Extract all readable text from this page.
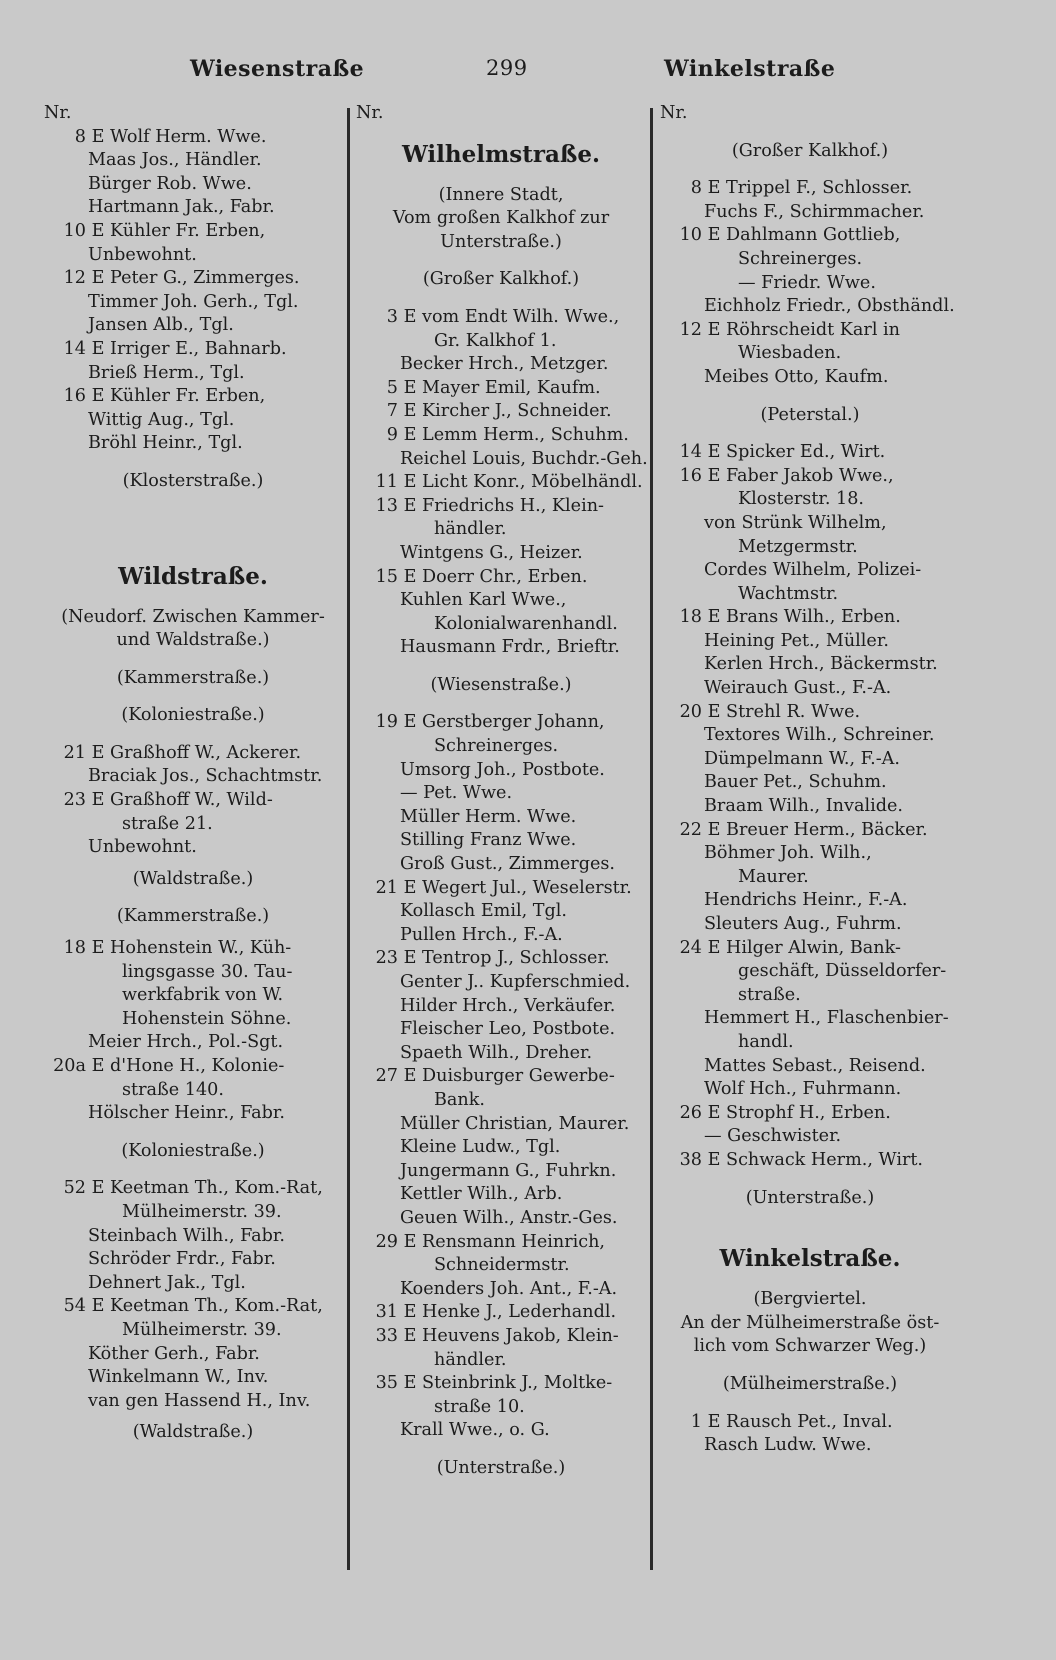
Wiesenstraße	299	Winkelstraße
Nr.
8 E Wolf Herm. Wwe.
Maas Jos., Händler.
Bürger Rob. Wwe.
Hartmann Jak., Fabr.
10 E Kühler Fr. Erben,
Unbewohnt.
12 E Peter G., Zimmerges.
Timmer Joh. Gerh., Tgl.
Jansen Alb., Tgl.
14 E Irriger E., Bahnarb.
Brieß Herm., Tgl.
16 E Kühler Fr. Erben,
Wittig Aug., Tgl.
Bröhl Heinr., Tgl.
(Klosterstraße.)
Wildstraße.
(Neudorf. Zwischen Kammer-
und Waldstraße.)
(Kammerstraße.)
(Koloniestraße.)
21 E Graßhoff W., Ackerer.
Braciak Jos., Schachtmstr.
23 E Graßhoff W., Wild-
straße 21.
Unbewohnt.
(Waldstraße.)
(Kammerstraße.)
18 E Hohenstein W., Küh-
lingsgasse 30. Tau-
werkfabrik von W.
Hohenstein Söhne.
Meier Hrch., Pol.-Sgt.
20a E d'Hone H., Kolonie-
straße 140.
Hölscher Heinr., Fabr.
(Koloniestraße.)
52 E Keetman Th., Kom.-Rat,
Mülheimerstr. 39.
Steinbach Wilh., Fabr.
Schröder Frdr., Fabr.
Dehnert Jak., Tgl.
54 E Keetman Th., Kom.-Rat,
Mülheimerstr. 39.
Köther Gerh., Fabr.
Winkelmann W., Inv.
van gen Hassend H., Inv.
(Waldstraße.)
Nr.
Wilhelmstraße.
(Innere Stadt,
Vom großen Kalkhof zur
Unterstraße.)
(Großer Kalkhof.)
3 E vom Endt Wilh. Wwe.,
Gr. Kalkhof 1.
Becker Hrch., Metzger.
5 E Mayer Emil, Kaufm.
7 E Kircher J., Schneider.
9 E Lemm Herm., Schuhm.
Reichel Louis, Buchdr.-Geh.
11 E Licht Konr., Möbelhändl.
13 E Friedrichs H., Klein-
händler.
Wintgens G., Heizer.
15 E Doerr Chr., Erben.
Kuhlen Karl Wwe.,
Kolonialwarenhandl.
Hausmann Frdr., Brieftr.
(Wiesenstraße.)
19 E Gerstberger Johann,
Schreinerges.
Umsorg Joh., Postbote.
— Pet. Wwe.
Müller Herm. Wwe.
Stilling Franz Wwe.
Groß Gust., Zimmerges.
21 E Wegert Jul., Weselerstr.
Kollasch Emil, Tgl.
Pullen Hrch., F.-A.
23 E Tentrop J., Schlosser.
Genter J.. Kupferschmied.
Hilder Hrch., Verkäufer.
Fleischer Leo, Postbote.
Spaeth Wilh., Dreher.
27 E Duisburger Gewerbe-
Bank.
Müller Christian, Maurer.
Kleine Ludw., Tgl.
Jungermann G., Fuhrkn.
Kettler Wilh., Arb.
Geuen Wilh., Anstr.-Ges.
29 E Rensmann Heinrich,
Schneidermstr.
Koenders Joh. Ant., F.-A.
31 E Henke J., Lederhandl.
33 E Heuvens Jakob, Klein-
händler.
35 E Steinbrink J., Moltke-
straße 10.
Krall Wwe., o. G.
(Unterstraße.)
Nr.
(Großer Kalkhof.)
8 E Trippel F., Schlosser.
Fuchs F., Schirmmacher.
10 E Dahlmann Gottlieb,
Schreinerges.
— Friedr. Wwe.
Eichholz Friedr., Obsthändl.
12 E Röhrscheidt Karl in
Wiesbaden.
Meibes Otto, Kaufm.
(Peterstal.)
14 E Spicker Ed., Wirt.
16 E Faber Jakob Wwe.,
Klosterstr. 18.
von Strünk Wilhelm,
Metzgermstr.
Cordes Wilhelm, Polizei-
Wachtmstr.
18 E Brans Wilh., Erben.
Heining Pet., Müller.
Kerlen Hrch., Bäckermstr.
Weirauch Gust., F.-A.
20 E Strehl R. Wwe.
Textores Wilh., Schreiner.
Dümpelmann W., F.-A.
Bauer Pet., Schuhm.
Braam Wilh., Invalide.
22 E Breuer Herm., Bäcker.
Böhmer Joh. Wilh.,
Maurer.
Hendrichs Heinr., F.-A.
Sleuters Aug., Fuhrm.
24 E Hilger Alwin, Bank-
geschäft, Düsseldorfer-
straße.
Hemmert H., Flaschenbier-
handl.
Mattes Sebast., Reisend.
Wolf Hch., Fuhrmann.
26 E Strophf H., Erben.
— Geschwister.
38 E Schwack Herm., Wirt.
(Unterstraße.)
Winkelstraße.
(Bergviertel.
An der Mülheimerstraße öst-
lich vom Schwarzer Weg.)
(Mülheimerstraße.)
1 E Rausch Pet., Inval.
Rasch Ludw. Wwe.
